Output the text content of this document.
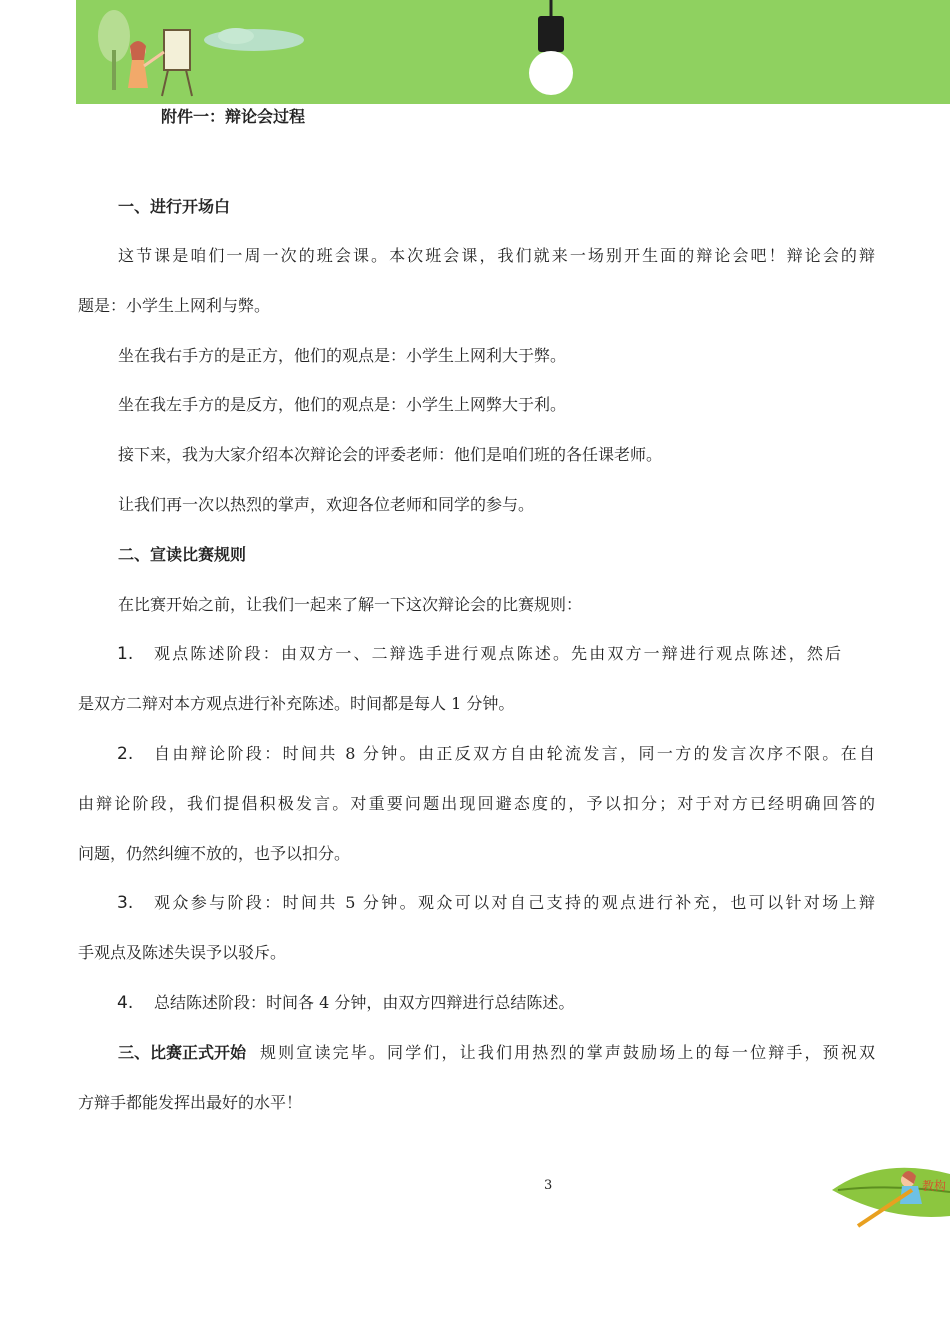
附件一：辩论会过程
一、进行开场白
这节课是咱们一周一次的班会课。本次班会课，我们就来一场别开生面的辩论会吧！辩论会的辩
题是：小学生上网利与弊。
坐在我右手方的是正方，他们的观点是：小学生上网利大于弊。
坐在我左手方的是反方，他们的观点是：小学生上网弊大于利。
接下来，我为大家介绍本次辩论会的评委老师：他们是咱们班的各任课老师。
让我们再一次以热烈的掌声，欢迎各位老师和同学的参与。
二、宣读比赛规则
在比赛开始之前，让我们一起来了解一下这次辩论会的比赛规则：
1. 观点陈述阶段：由双方一、二辩选手进行观点陈述。先由双方一辩进行观点陈述，然后
是双方二辩对本方观点进行补充陈述。时间都是每人 1 分钟。
2. 自由辩论阶段：时间共 8 分钟。由正反双方自由轮流发言，同一方的发言次序不限。在自
由辩论阶段，我们提倡积极发言。对重要问题出现回避态度的，予以扣分；对于对方已经明确回答的
问题，仍然纠缠不放的，也予以扣分。
3. 观众参与阶段：时间共 5 分钟。观众可以对自己支持的观点进行补充，也可以针对场上辩
手观点及陈述失误予以驳斥。
4. 总结陈述阶段：时间各 4 分钟，由双方四辩进行总结陈述。
三、比赛正式开始 规则宣读完毕。同学们，让我们用热烈的掌声鼓励场上的每一位辩手，预祝双
方辩手都能发挥出最好的水平！
3	教构
